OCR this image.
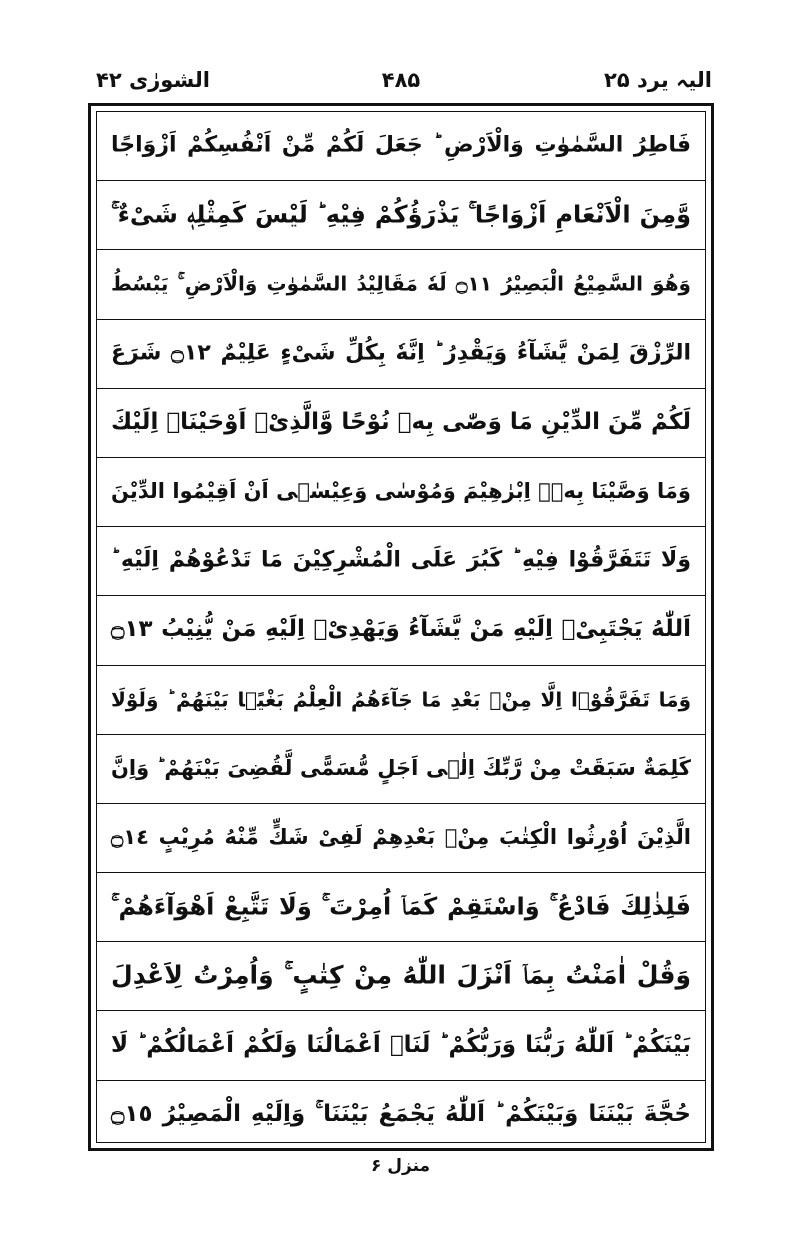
الشورٰی ۴۲	۴۸۵	الیہ یرد ۲۵
فَاطِرُ السَّمٰوٰتِ وَالْاَرْضِ ؕ جَعَلَ لَكُمْ مِّنْ اَنْفُسِكُمْ اَزْوَاجًا
وَّمِنَ الْاَنْعَامِ اَزْوَاجًا ۚ يَذْرَؤُكُمْ فِيْهِ ؕ لَيْسَ كَمِثْلِهٖ شَیْءٌ ۚ
وَهُوَ السَّمِيْعُ الْبَصِيْرُ ۝١١ لَهٗ مَقَالِيْدُ السَّمٰوٰتِ وَالْاَرْضِ ۚ يَبْسُطُ
الرِّزْقَ لِمَنْ يَّشَآءُ وَيَقْدِرُ ؕ اِنَّهٗ بِكُلِّ شَیْءٍ عَلِيْمٌ ۝١٢ شَرَعَ
لَكُمْ مِّنَ الدِّيْنِ مَا وَصّٰى بِهٖ نُوْحًا وَّالَّذِیْۤ اَوْحَيْنَاۤ اِلَيْكَ
وَمَا وَصَّيْنَا بِهٖۤ اِبْرٰهِيْمَ وَمُوْسٰى وَعِيْسٰۤى اَنْ اَقِيْمُوا الدِّيْنَ
وَلَا تَتَفَرَّقُوْا فِيْهِ ؕ كَبُرَ عَلَى الْمُشْرِكِيْنَ مَا تَدْعُوْهُمْ اِلَيْهِ ؕ
اَللّٰهُ يَجْتَبِیْۤ اِلَيْهِ مَنْ يَّشَآءُ وَيَهْدِیْۤ اِلَيْهِ مَنْ يُّنِيْبُ ۝١٣
وَمَا تَفَرَّقُوْۤا اِلَّا مِنْۢ بَعْدِ مَا جَآءَهُمُ الْعِلْمُ بَغْيًۢا بَيْنَهُمْ ؕ وَلَوْلَا
كَلِمَةٌ سَبَقَتْ مِنْ رَّبِّكَ اِلٰۤى اَجَلٍ مُّسَمًّى لَّقُضِیَ بَيْنَهُمْ ؕ وَاِنَّ
الَّذِيْنَ اُوْرِثُوا الْكِتٰبَ مِنْۢ بَعْدِهِمْ لَفِیْ شَكٍّ مِّنْهُ مُرِيْبٍ ۝١٤
فَلِذٰلِكَ فَادْعُ ۚ وَاسْتَقِمْ كَمَاۤ اُمِرْتَ ۚ وَلَا تَتَّبِعْ اَهْوَآءَهُمْ ۚ
وَقُلْ اٰمَنْتُ بِمَاۤ اَنْزَلَ اللّٰهُ مِنْ كِتٰبٍ ۚ وَاُمِرْتُ لِاَعْدِلَ
بَيْنَكُمْ ؕ اَللّٰهُ رَبُّنَا وَرَبُّكُمْ ؕ لَنَاۤ اَعْمَالُنَا وَلَكُمْ اَعْمَالُكُمْ ؕ لَا
حُجَّةَ بَيْنَنَا وَبَيْنَكُمْ ؕ اَللّٰهُ يَجْمَعُ بَيْنَنَا ۚ وَاِلَيْهِ الْمَصِيْرُ ۝١٥
منزل ۶
